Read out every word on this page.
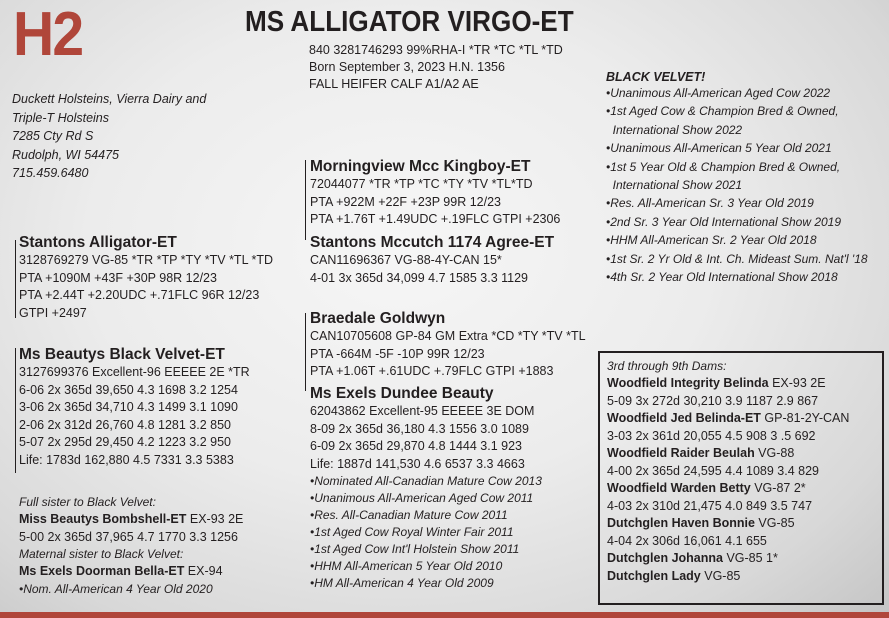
H2	MS ALLIGATOR VIRGO-ET
840 3281746293 99%RHA-I *TR *TC *TL *TD
Born September 3, 2023 H.N. 1356
FALL HEIFER CALF A1/A2 AE
Duckett Holsteins, Vierra Dairy and
Triple-T Holsteins
7285 Cty Rd S
Rudolph, WI 54475
715.459.6480
Stantons Alligator-ET
3128769279 VG-85 *TR *TP *TY *TV *TL *TD
PTA +1090M +43F +30P 98R 12/23
PTA +2.44T +2.20UDC +.71FLC 96R 12/23
GTPI +2497
Ms Beautys Black Velvet-ET
3127699376 Excellent-96 EEEEE 2E *TR
6-06 2x 365d 39,650 4.3 1698 3.2 1254
3-06 2x 365d 34,710 4.3 1499 3.1 1090
2-06 2x 312d 26,760 4.8 1281 3.2 850
5-07 2x 295d 29,450 4.2 1223 3.2 950
Life: 1783d 162,880 4.5 7331 3.3 5383
Full sister to Black Velvet:
Miss Beautys Bombshell-ET EX-93 2E
5-00 2x 365d 37,965 4.7 1770 3.3 1256
Maternal sister to Black Velvet:
Ms Exels Doorman Bella-ET EX-94
•Nom. All-American 4 Year Old 2020
Morningview Mcc Kingboy-ET
72044077 *TR *TP *TC *TY *TV *TL*TD
PTA +922M +22F +23P 99R 12/23
PTA +1.76T +1.49UDC +.19FLC GTPI +2306
Stantons Mccutch 1174 Agree-ET
CAN11696367 VG-88-4Y-CAN 15*
4-01 3x 365d 34,099 4.7 1585 3.3 1129
Braedale Goldwyn
CAN10705608 GP-84 GM Extra *CD *TY *TV *TL
PTA -664M -5F -10P 99R 12/23
PTA +1.06T +.61UDC +.79FLC GTPI +1883
Ms Exels Dundee Beauty
62043862 Excellent-95 EEEEE 3E DOM
8-09 2x 365d 36,180 4.3 1556 3.0 1089
6-09 2x 365d 29,870 4.8 1444 3.1 923
Life: 1887d 141,530 4.6 6537 3.3 4663
•Nominated All-Canadian Mature Cow 2013
•Unanimous All-American Aged Cow 2011
•Res. All-Canadian Mature Cow 2011
•1st Aged Cow Royal Winter Fair 2011
•1st Aged Cow Int'l Holstein Show 2011
•HHM All-American 5 Year Old 2010
•HM All-American 4 Year Old 2009
BLACK VELVET!
•Unanimous All-American Aged Cow 2022
•1st Aged Cow & Champion Bred & Owned,
International Show 2022
•Unanimous All-American 5 Year Old 2021
•1st 5 Year Old & Champion Bred & Owned,
International Show 2021
•Res. All-American Sr. 3 Year Old 2019
•2nd Sr. 3 Year Old International Show 2019
•HHM All-American Sr. 2 Year Old 2018
•1st Sr. 2 Yr Old & Int. Ch. Mideast Sum. Nat'l '18
•4th Sr. 2 Year Old International Show 2018
3rd through 9th Dams:
Woodfield Integrity Belinda EX-93 2E
5-09 3x 272d 30,210 3.9 1187 2.9 867
Woodfield Jed Belinda-ET GP-81-2Y-CAN
3-03 2x 361d 20,055 4.5 908 3 .5 692
Woodfield Raider Beulah VG-88
4-00 2x 365d 24,595 4.4 1089 3.4 829
Woodfield Warden Betty VG-87 2*
4-03 2x 310d 21,475 4.0 849 3.5 747
Dutchglen Haven Bonnie VG-85
4-04 2x 306d 16,061 4.1 655
Dutchglen Johanna VG-85 1*
Dutchglen Lady VG-85
